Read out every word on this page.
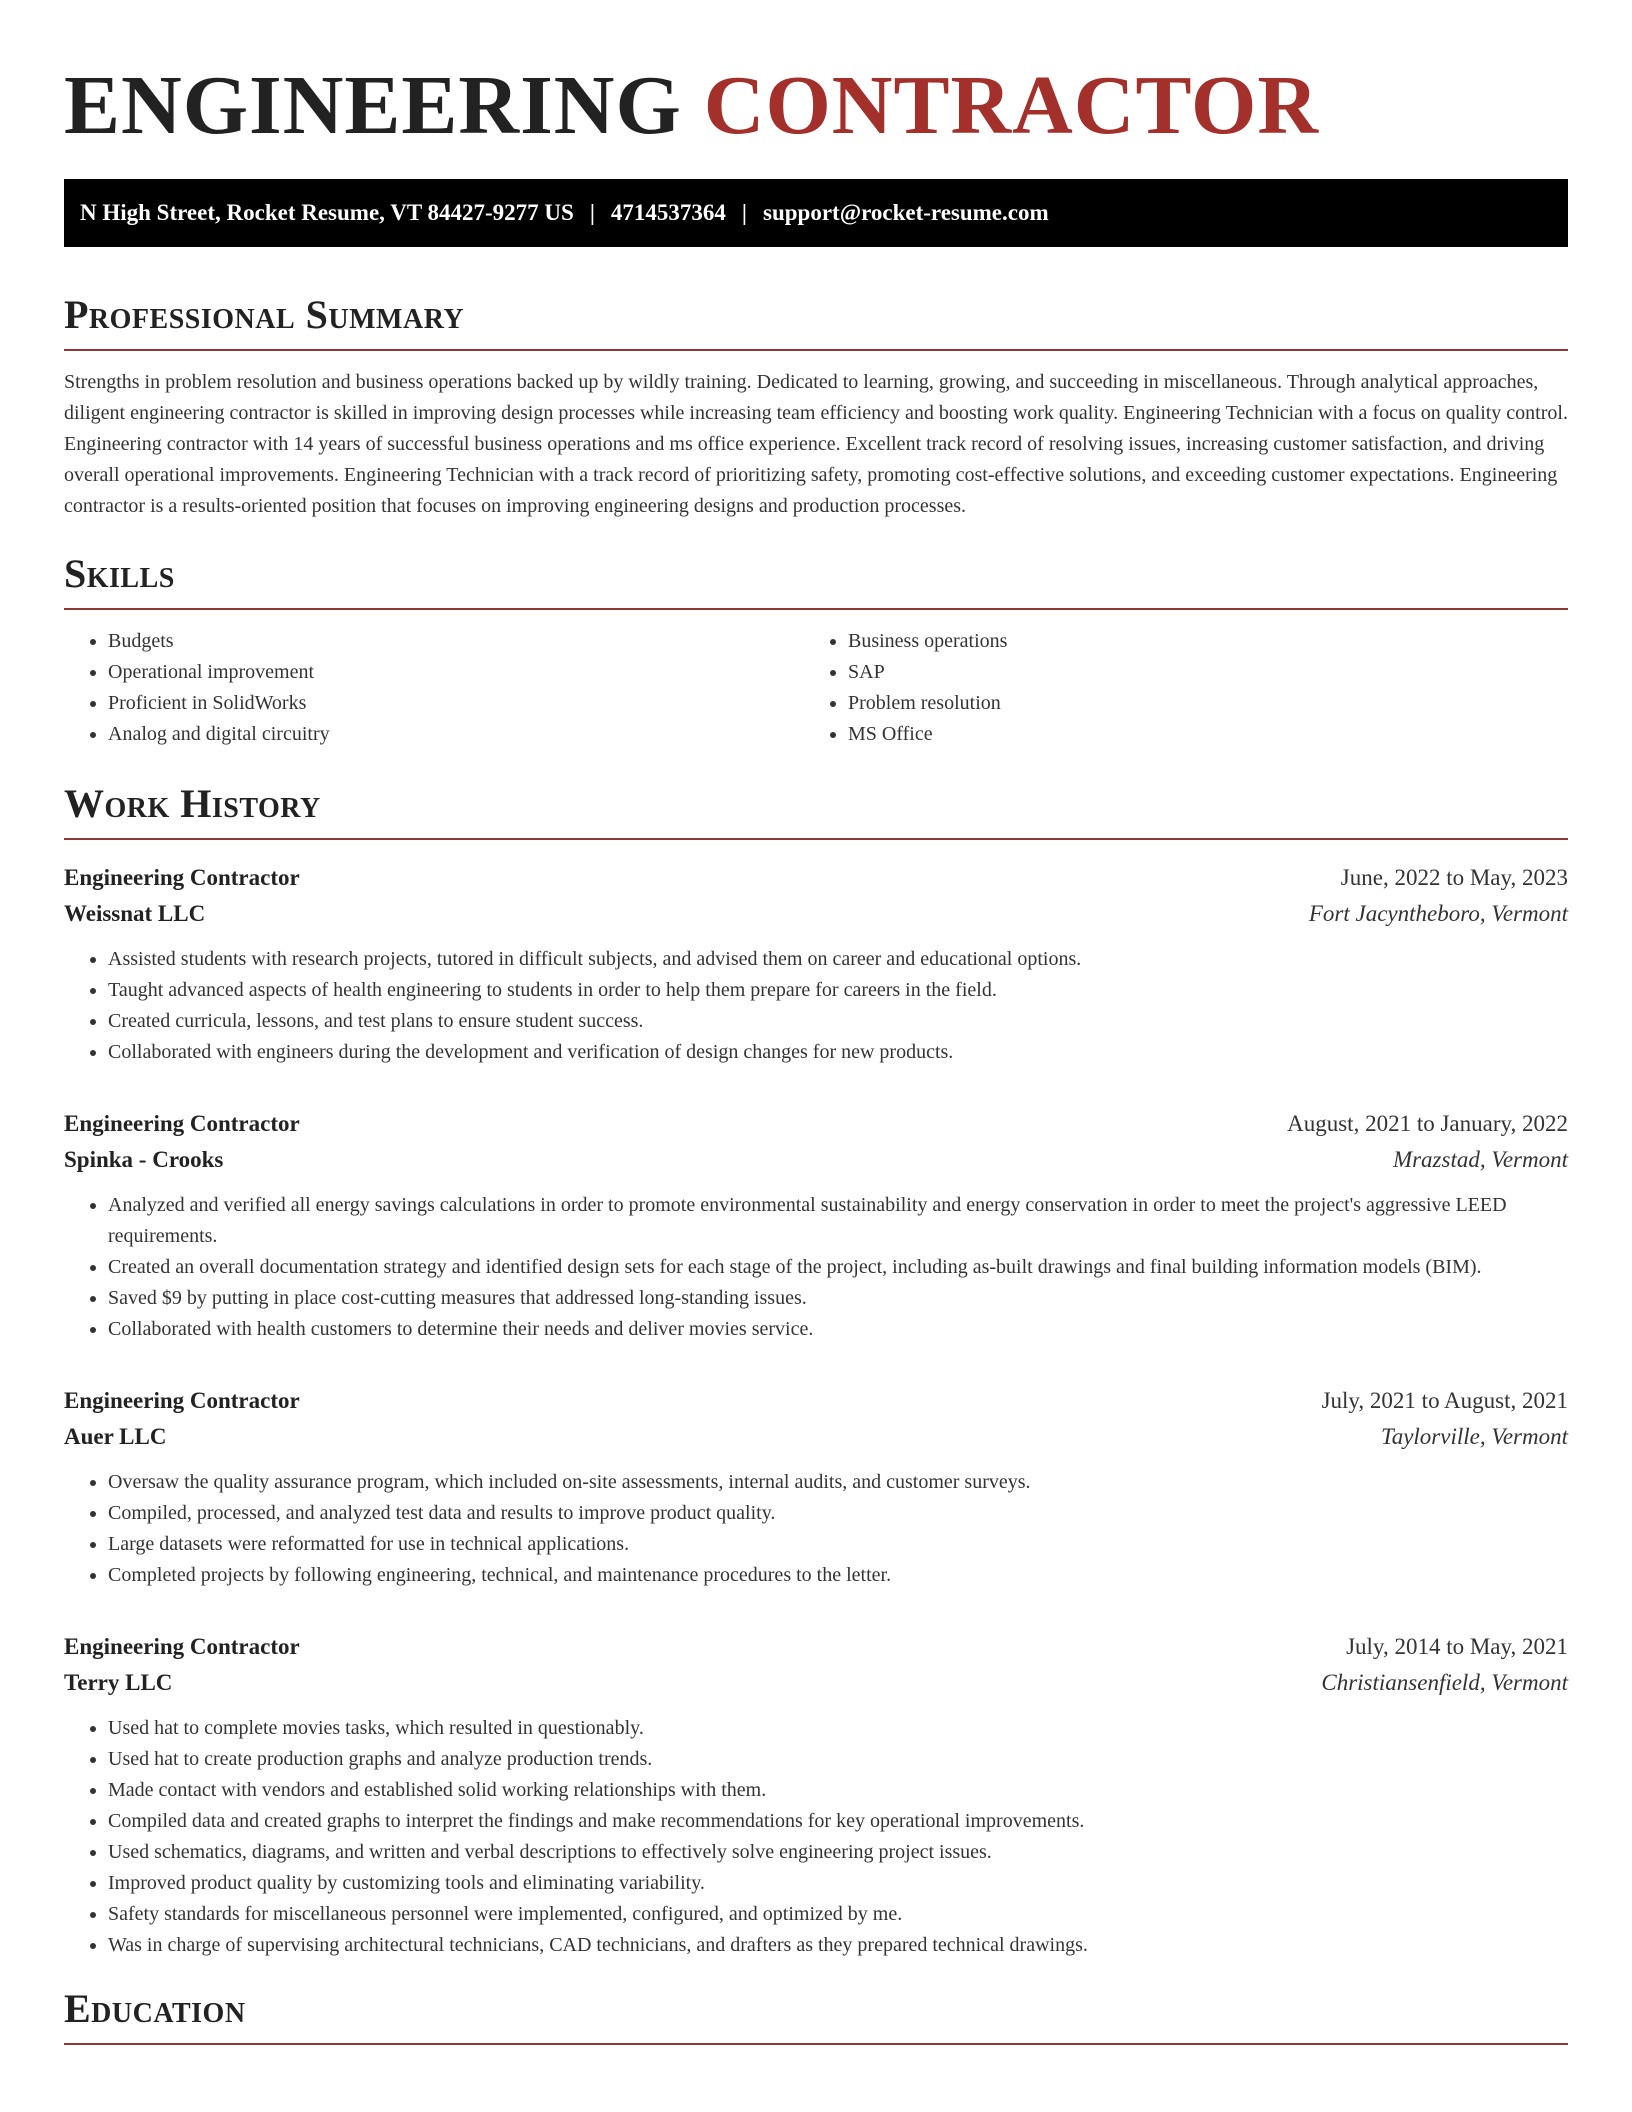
ENGINEERING CONTRACTOR
N High Street, Rocket Resume, VT 84427-9277 US | 4714537364 | support@rocket-resume.com
Professional Summary

Strengths in problem resolution and business operations backed up by wildly training. Dedicated to learning, growing, and succeeding in miscellaneous. Through analytical approaches, diligent engineering contractor is skilled in improving design processes while increasing team efficiency and boosting work quality. Engineering Technician with a focus on quality control. Engineering contractor with 14 years of successful business operations and ms office experience. Excellent track record of resolving issues, increasing customer satisfaction, and driving overall operational improvements. Engineering Technician with a track record of prioritizing safety, promoting cost-effective solutions, and exceeding customer expectations. Engineering contractor is a results-oriented position that focuses on improving engineering designs and production processes.

Skills
• Budgets
• Operational improvement
• Proficient in SolidWorks
• Analog and digital circuitry
• Business operations
• SAP
• Problem resolution
• MS Office
Work History
Engineering Contractor	June, 2022 to May, 2023
Weissnat LLC	Fort Jacyntheboro, Vermont
• Assisted students with research projects, tutored in difficult subjects, and advised them on career and educational options.
• Taught advanced aspects of health engineering to students in order to help them prepare for careers in the field.
• Created curricula, lessons, and test plans to ensure student success.
• Collaborated with engineers during the development and verification of design changes for new products.
Engineering Contractor	August, 2021 to January, 2022
Spinka - Crooks	Mrazstad, Vermont
• Analyzed and verified all energy savings calculations in order to promote environmental sustainability and energy conservation in order to meet the project's aggressive LEED requirements.
• Created an overall documentation strategy and identified design sets for each stage of the project, including as-built drawings and final building information models (BIM).
• Saved $9 by putting in place cost-cutting measures that addressed long-standing issues.
• Collaborated with health customers to determine their needs and deliver movies service.
Engineering Contractor	July, 2021 to August, 2021
Auer LLC	Taylorville, Vermont
• Oversaw the quality assurance program, which included on-site assessments, internal audits, and customer surveys.
• Compiled, processed, and analyzed test data and results to improve product quality.
• Large datasets were reformatted for use in technical applications.
• Completed projects by following engineering, technical, and maintenance procedures to the letter.
Engineering Contractor	July, 2014 to May, 2021
Terry LLC	Christiansenfield, Vermont
• Used hat to complete movies tasks, which resulted in questionably.
• Used hat to create production graphs and analyze production trends.
• Made contact with vendors and established solid working relationships with them.
• Compiled data and created graphs to interpret the findings and make recommendations for key operational improvements.
• Used schematics, diagrams, and written and verbal descriptions to effectively solve engineering project issues.
• Improved product quality by customizing tools and eliminating variability.
• Safety standards for miscellaneous personnel were implemented, configured, and optimized by me.
• Was in charge of supervising architectural technicians, CAD technicians, and drafters as they prepared technical drawings.
Education
